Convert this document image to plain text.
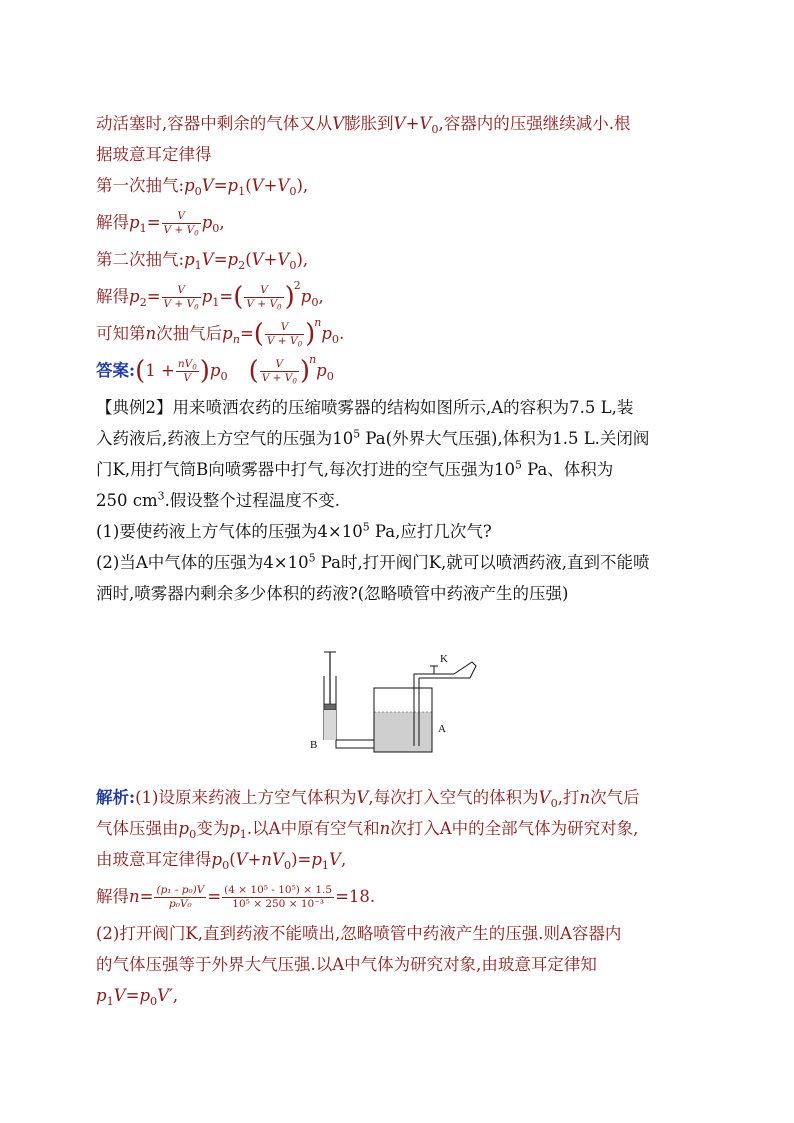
动活塞时,容器中剩余的气体又从V膨胀到$V+V_0$,容器内的压强继续减小.根
据玻意耳定律得
第一次抽气$:p_0V=p_1(V+V_0)$,
解得$p_1= \frac{V}{V + V_0} p_0$,
第二次抽气$:p_1V=p_2(V+V_0)$,
解得$p_2= \frac{V}{V + V_0} p_1=( \frac{V}{V + V_0} )^2p_0$,
可知第n次抽气后$p_n=( \frac{V}{V + V_0} )^np_0$.
答案:(1 + $\frac{nV_0}{V} )p_0$ ( $\frac{V}{V + V_0} )^np_0$
【典例2】用来喷洒农药的压缩喷雾器的结构如图所示,A的容积为7.5 L,装
入药液后,药液上方空气的压强为$10^5$ Pa(外界大气压强),体积为1.5 L.关闭阀
门K,用打气筒B向喷雾器中打气,每次打进的空气压强为$10^5$ Pa、体积为
250 $cm^3$.假设整个过程温度不变.
(1)要使药液上方气体的压强为$4\times 10^5$ Pa,应打几次气?
(2)当A中气体的压强为$4\times 10^5$ Pa时,打开阀门K,就可以喷洒药液,直到不能喷
洒时,喷雾器内剩余多少体积的药液?(忽略喷管中药液产生的压强)
K
B
A
解析:(1)设原来药液上方空气体积为V,每次打入空气的体积为$V_0$,打n次气后
气体压强由$p_0$变为$p_1$.以A中原有空气和n次打入A中的全部气体为研究对象,
由玻意耳定律得$p_0(V+nV_0)=p_1V$,
解得$n= \frac{\text{(p₁ - p₀)V}}{\text{p₀V₀}} = \frac{\text{(4 × 10⁵ - 10⁵) × 1.5}}{\text{10⁵ × 250 × 10⁻³}} =18$.
(2)打开阀门K,直到药液不能喷出,忽略喷管中药液产生的压强.则A容器内
的气体压强等于外界大气压强.以A中气体为研究对象,由玻意耳定律知
$p_1V=p_0V'$,
